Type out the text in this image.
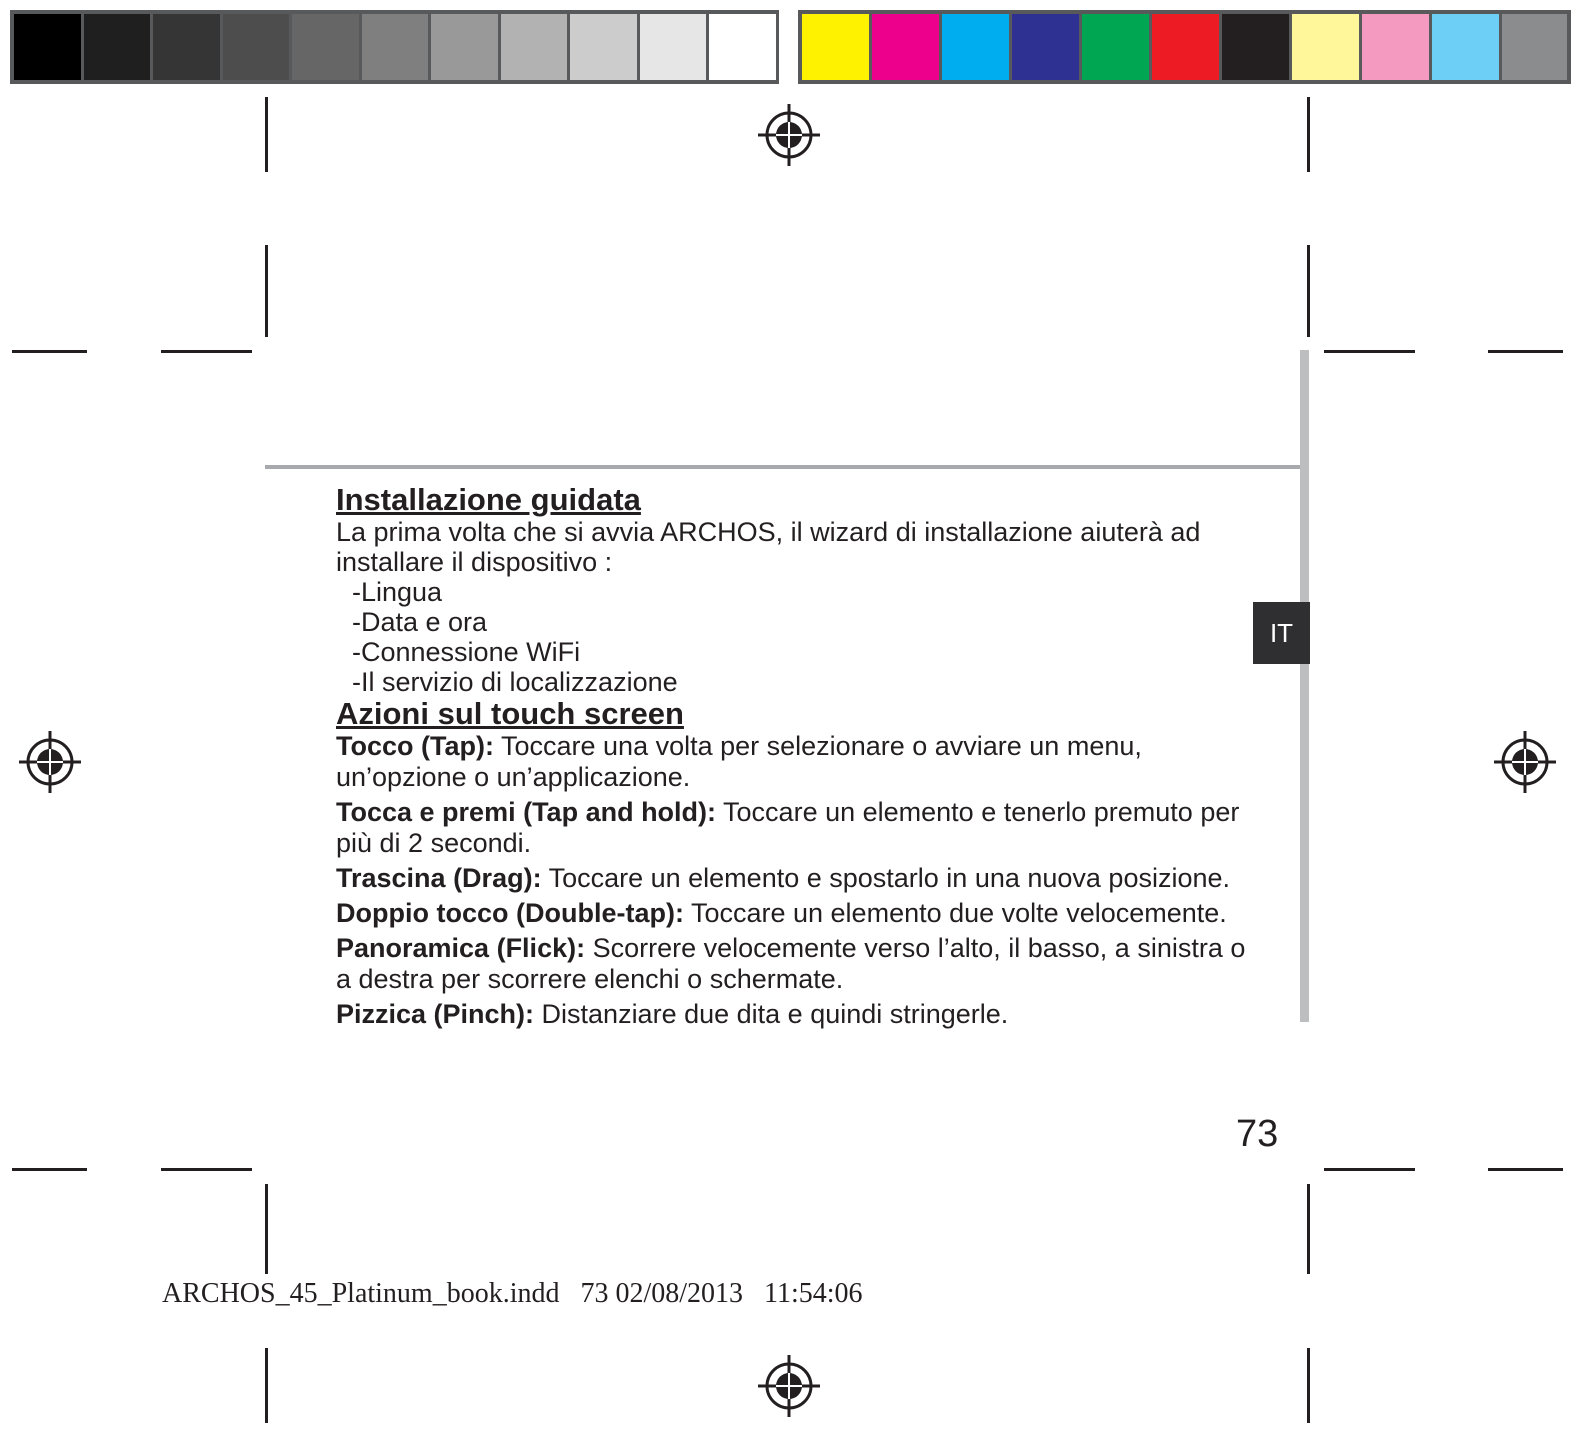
IT
Installazione guidata
La prima volta che si avvia ARCHOS, il wizard di installazione aiuterà ad
installare il dispositivo :
-Lingua
-Data e ora
-Connessione WiFi
-Il servizio di localizzazione
Azioni sul touch screen
Tocco (Tap): Toccare una volta per selezionare o avviare un menu, un’opzione o un’applicazione.
Tocca e premi (Tap and hold): Toccare un elemento e tenerlo premuto per più di 2 secondi.
Trascina (Drag): Toccare un elemento e spostarlo in una nuova posizione.
Doppio tocco (Double-tap): Toccare un elemento due volte velocemente.
Panoramica (Flick): Scorrere velocemente verso l’alto, il basso, a sinistra o a destra per scorrere elenchi o schermate.
Pizzica (Pinch): Distanziare due dita e quindi stringerle.
73
ARCHOS_45_Platinum_book.indd   73 02/08/2013   11:54:06
